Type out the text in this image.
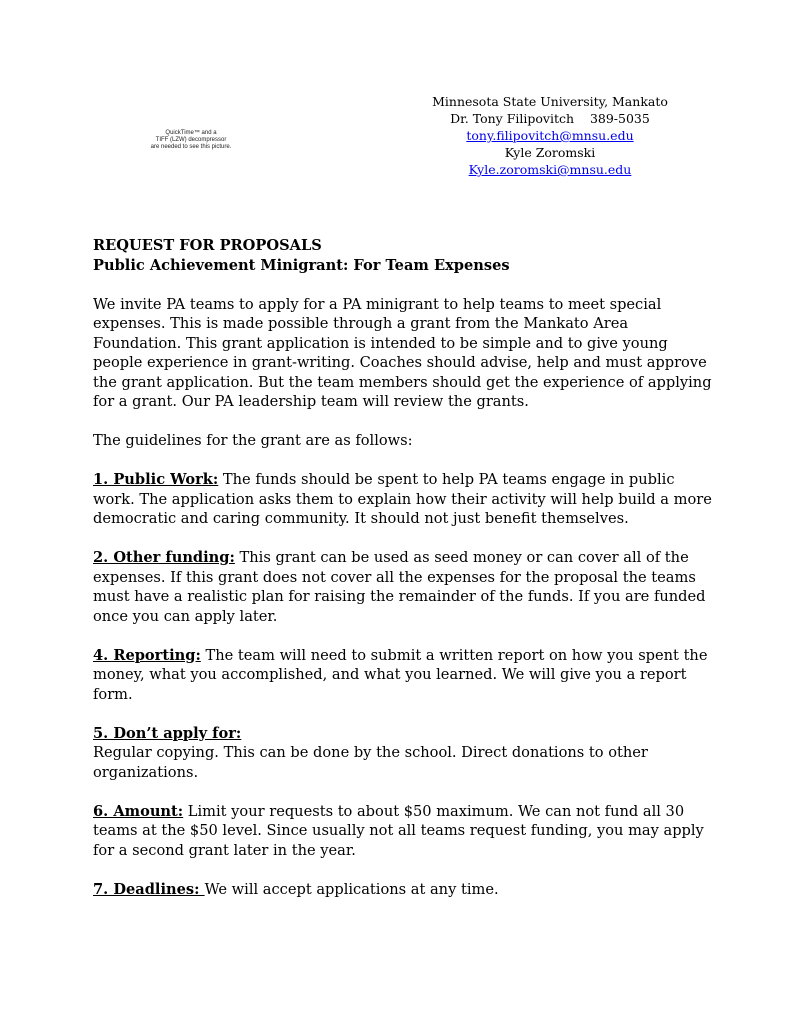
QuickTime™ and a
TIFF (LZW) decompressor
are needed to see this picture.
Minnesota State University, Mankato
Dr. Tony Filipovitch 389-5035
tony.filipovitch@mnsu.edu
Kyle Zoromski
Kyle.zoromski@mnsu.edu

REQUEST FOR PROPOSALS

Public Achievement Minigrant: For Team Expenses

We invite PA teams to apply for a PA minigrant to help teams to meet special expenses. This is made possible through a grant from the Mankato Area Foundation. This grant application is intended to be simple and to give young people experience in grant-writing. Coaches should advise, help and must approve the grant application. But the team members should get the experience of applying for a grant. Our PA leadership team will review the grants.

The guidelines for the grant are as follows:

1. Public Work: The funds should be spent to help PA teams engage in public work. The application asks them to explain how their activity will help build a more democratic and caring community. It should not just benefit themselves.

2. Other funding: This grant can be used as seed money or can cover all of the expenses. If this grant does not cover all the expenses for the proposal the teams must have a realistic plan for raising the remainder of the funds. If you are funded once you can apply later.

4. Reporting: The team will need to submit a written report on how you spent the money, what you accomplished, and what you learned. We will give you a report form.

5. Don’t apply for:
Regular copying. This can be done by the school. Direct donations to other organizations.

6. Amount: Limit your requests to about $50 maximum. We can not fund all 30 teams at the $50 level. Since usually not all teams request funding, you may apply for a second grant later in the year.

7. Deadlines: We will accept applications at any time.
